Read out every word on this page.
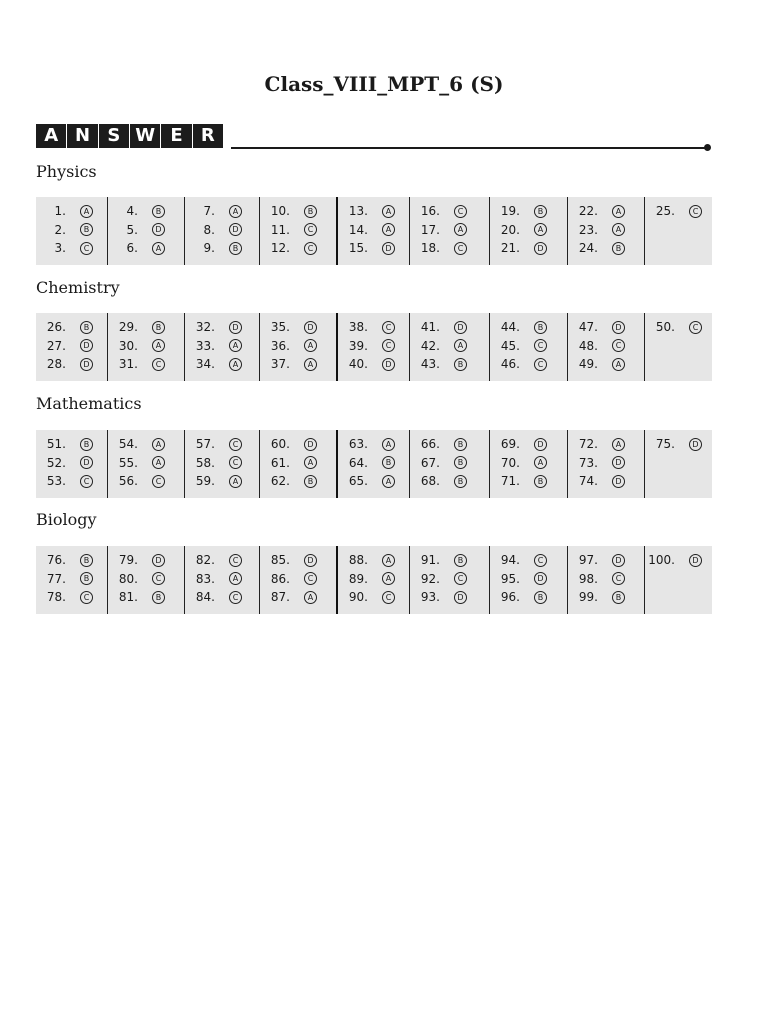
Class_VIII_MPT_6 (S)
A N S W E	R
Physics
1.	A
2.	B
3.	C
4.	B
5.	D
6.	A
7.	A
8.	D
9.	B
10.	B
11.	C
12.	C
13.	A
14.	A
15.	D
16.	C
17.	A
18.	C
19.	B
20.	A
21.	D
22.	A
23.	A
24.	B
25.	C
Chemistry
26.	B
27.	D
28.	D
29.	B
30.	A
31.	C
32.	D
33.	A
34.	A
35.	D
36.	A
37.	A
38.	C
39.	C
40.	D
41.	D
42.	A
43.	B
44.	B
45.	C
46.	C
47.	D
48.	C
49.	A
50.	C
Mathematics
51.	B
52.	D
53.	C
54.	A
55.	A
56.	C
57.	C
58.	C
59.	A
60.	D
61.	A
62.	B
63.	A
64.	B
65.	A
66.	B
67.	B
68.	B
69.	D
70.	A
71.	B
72.	A
73.	D
74.	D
75.	D
Biology
76.	B
77.	B
78.	C
79.	D
80.	C
81.	B
82.	C
83.	A
84.	C
85.	D
86.	C
87.	A
88.	A
89.	A
90.	C
91.	B
92.	C
93.	D
94.	C
95.	D
96.	B
97.	D
98.	C
99.	B
100.	D
